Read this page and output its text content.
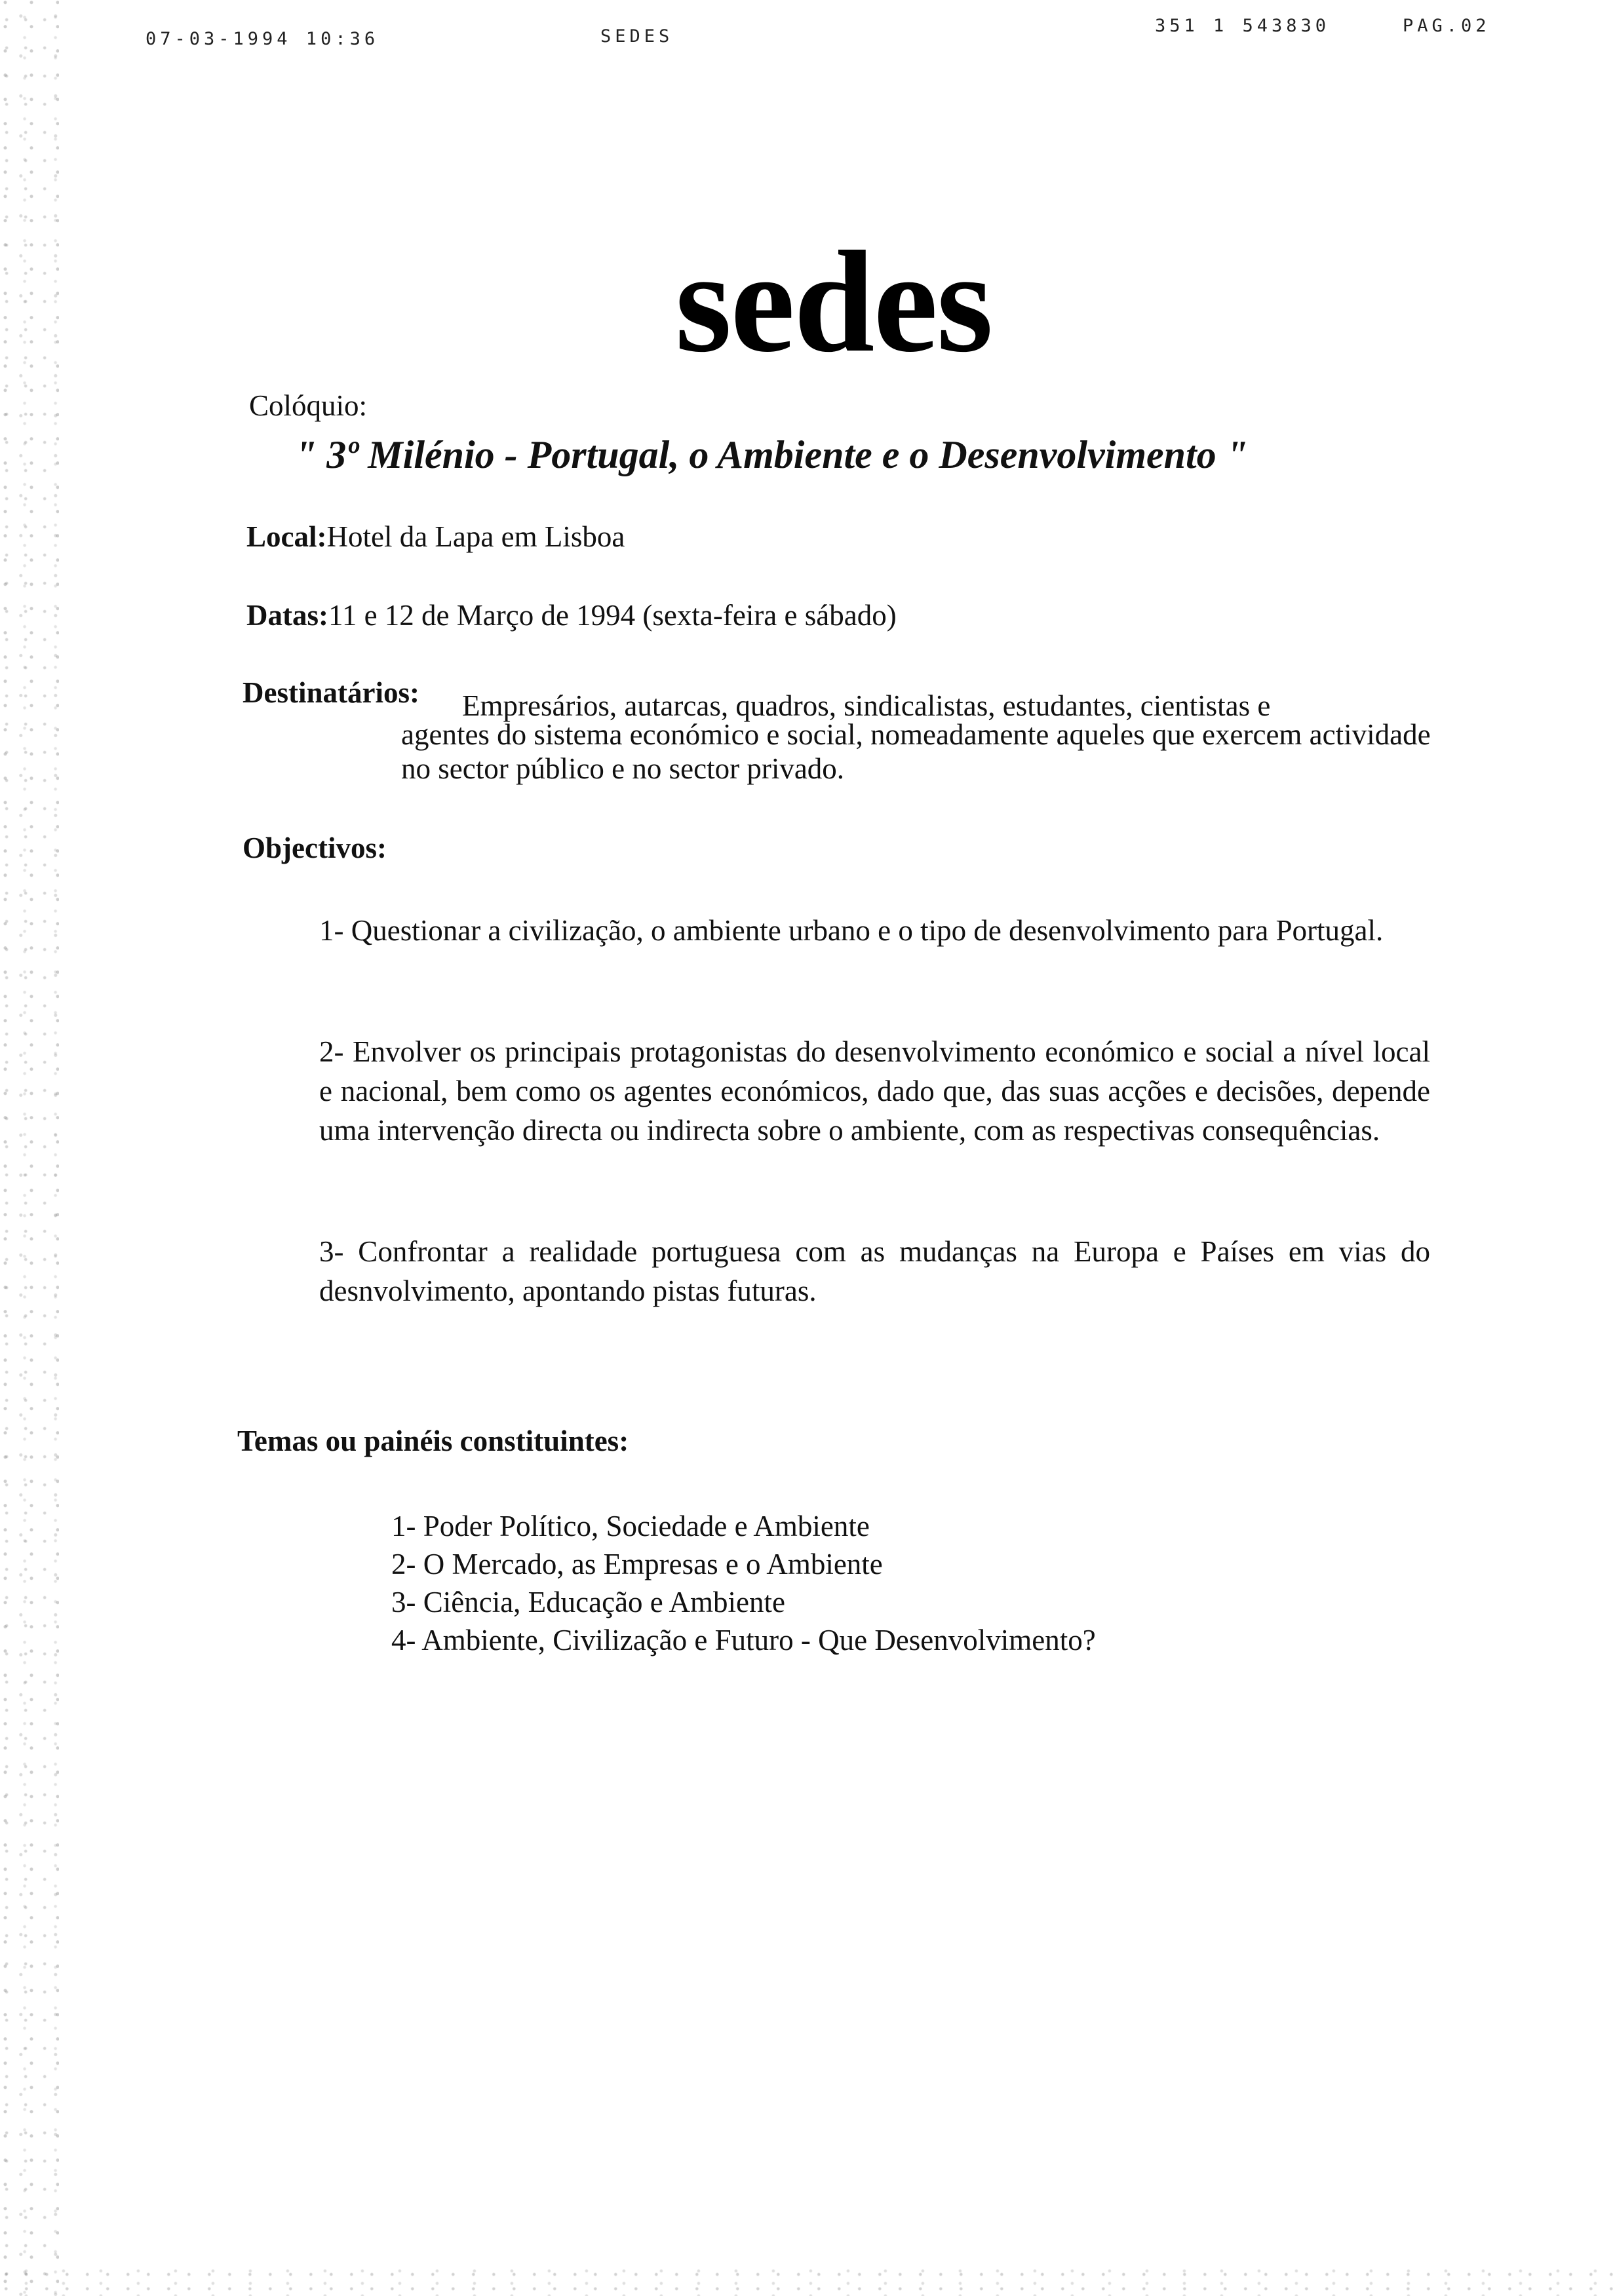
07-03-1994 10:36	SEDES
351 1 543830	PAG.02
sedes
Colóquio:
" 3º Milénio - Portugal, o Ambiente e o Desenvolvimento "
Local:Hotel da Lapa em Lisboa
Datas:11 e 12 de Março de 1994 (sexta-feira e sábado)
Destinatários: Empresários, autarcas, quadros, sindicalistas, estudantes, cientistas e
agentes do sistema económico e social, nomeadamente aqueles que exercem actividade no sector público e no sector privado.
Objectivos:
1- Questionar a civilização, o ambiente urbano e o tipo de desenvolvimento para Portugal.
2- Envolver os principais protagonistas do desenvolvimento económico e social a nível local e nacional, bem como os agentes económicos, dado que, das suas acções e decisões, depende uma intervenção directa ou indirecta sobre o ambiente, com as respectivas consequências.
3- Confrontar a realidade portuguesa com as mudanças na Europa e Países em vias do desnvolvimento, apontando pistas futuras.
Temas ou painéis constituintes:
1- Poder Político, Sociedade e Ambiente
2- O Mercado, as Empresas e o Ambiente
3- Ciência, Educação e Ambiente
4- Ambiente, Civilização e Futuro - Que Desenvolvimento?
